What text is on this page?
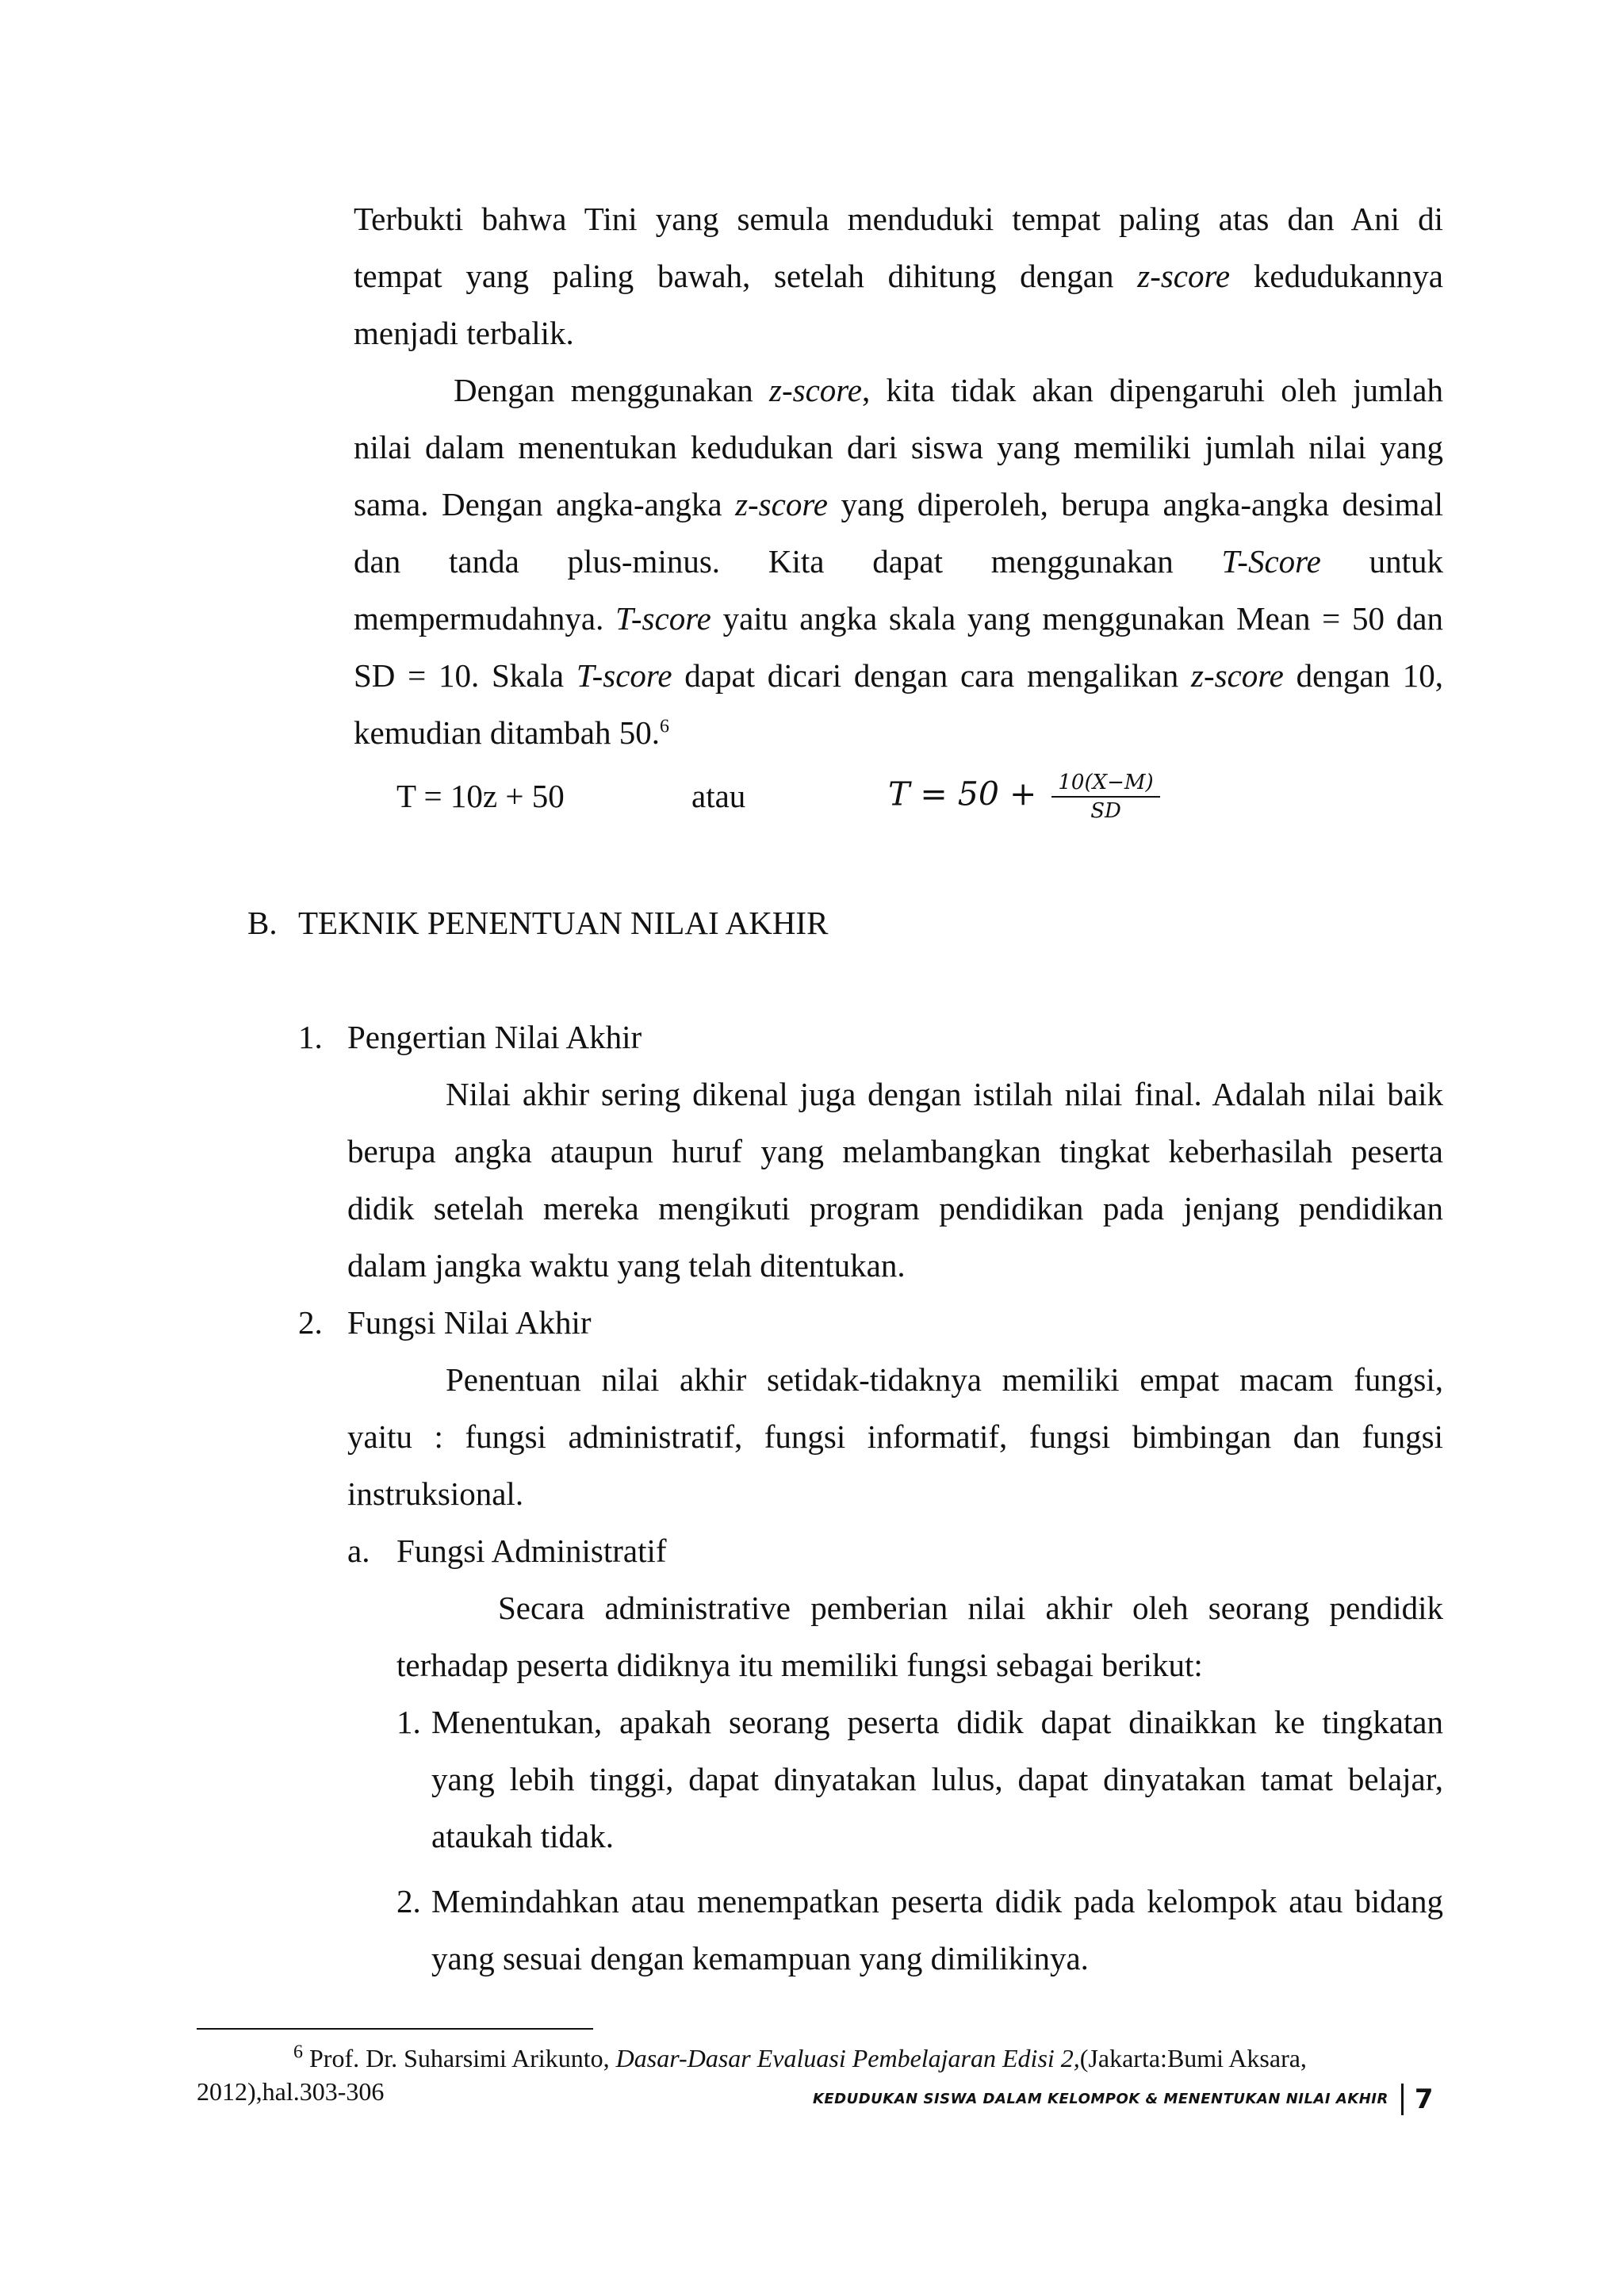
Terbukti bahwa Tini yang semula menduduki tempat paling atas dan Ani di
tempat yang paling bawah, setelah dihitung dengan z-score kedudukannya
menjadi terbalik.
Dengan menggunakan z-score, kita tidak akan dipengaruhi oleh jumlah
nilai dalam menentukan kedudukan dari siswa yang memiliki jumlah nilai yang
sama. Dengan angka-angka z-score yang diperoleh, berupa angka-angka desimal
dan tanda plus-minus. Kita dapat menggunakan T-Score untuk
mempermudahnya. T-score yaitu angka skala yang menggunakan Mean = 50 dan
SD = 10. Skala T-score dapat dicari dengan cara mengalikan z-score dengan 10,
kemudian ditambah 50.$^6$
T = 10z + 50	atau	$T = 50 + \frac{10(X-M)}{SD}$
B. TEKNIK PENENTUAN NILAI AKHIR
1. Pengertian Nilai Akhir
Nilai akhir sering dikenal juga dengan istilah nilai final. Adalah nilai baik
berupa angka ataupun huruf yang melambangkan tingkat keberhasilah peserta
didik setelah mereka mengikuti program pendidikan pada jenjang pendidikan
dalam jangka waktu yang telah ditentukan.
2. Fungsi Nilai Akhir
Penentuan nilai akhir setidak-tidaknya memiliki empat macam fungsi,
yaitu : fungsi administratif, fungsi informatif, fungsi bimbingan dan fungsi
instruksional.
a. Fungsi Administratif
Secara administrative pemberian nilai akhir oleh seorang pendidik
terhadap peserta didiknya itu memiliki fungsi sebagai berikut:
1. Menentukan, apakah seorang peserta didik dapat dinaikkan ke tingkatan
yang lebih tinggi, dapat dinyatakan lulus, dapat dinyatakan tamat belajar,
ataukah tidak.
2. Memindahkan atau menempatkan peserta didik pada kelompok atau bidang
yang sesuai dengan kemampuan yang dimilikinya.
$^6$ Prof. Dr. Suharsimi Arikunto, Dasar-Dasar Evaluasi Pembelajaran Edisi 2,(Jakarta:Bumi Aksara,
2012),hal.303-306	KEDUDUKAN SISWA DALAM KELOMPOK & MENENTUKAN NILAI AKHIR 7
